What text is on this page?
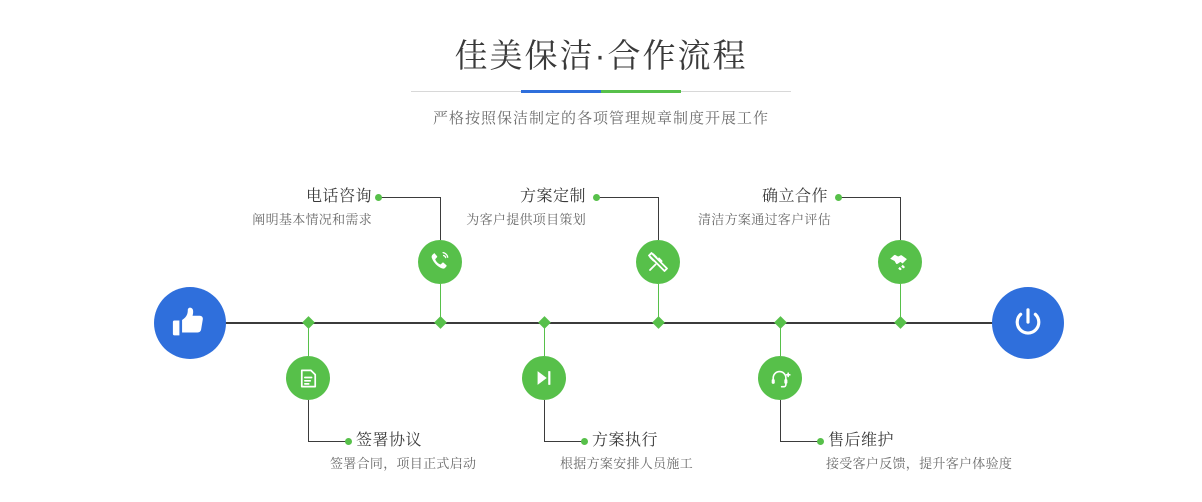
佳美保洁·合作流程

严格按照保洁制定的各项管理规章制度开展工作

电话咨询
阐明基本情况和需求
签署协议
签署合同，项目正式启动
方案定制
为客户提供项目策划
方案执行
根据方案安排人员施工
确立合作
清洁方案通过客户评估
售后维护
接受客户反馈，提升客户体验度
